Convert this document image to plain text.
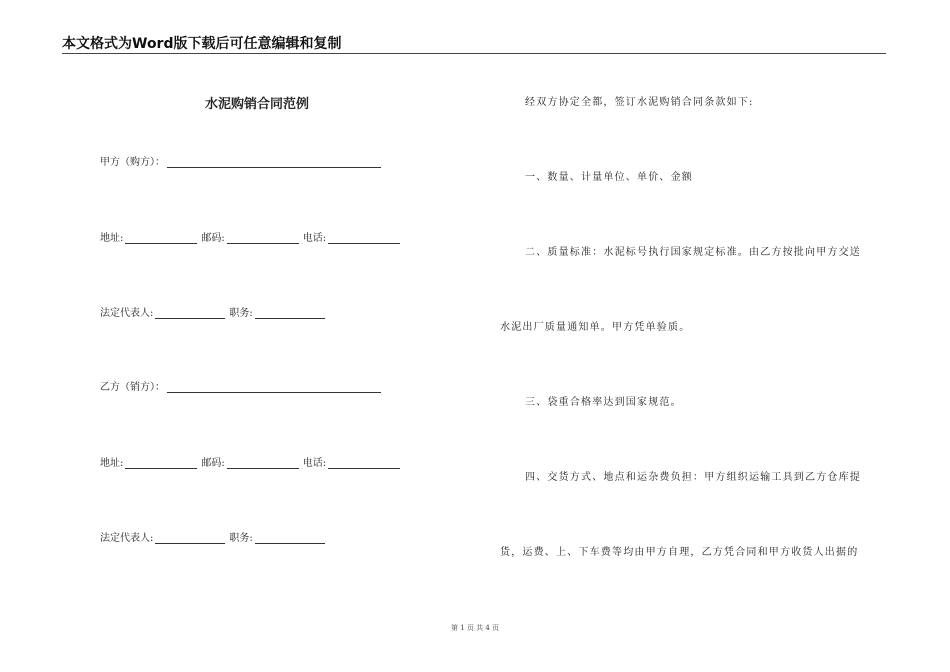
本文格式为Word版下载后可任意编辑和复制
水泥购销合同范例
甲方（购方）：
地址:	邮码:	电话:
法定代表人:	职务:
乙方（销方）：
地址:	邮码:	电话:
法定代表人:	职务:
经双方协定全都，签订水泥购销合同条款如下:
一、数量、计量单位、单价、金额
二、质量标准：水泥标号执行国家规定标准。由乙方按批向甲方交送
水泥出厂质量通知单。甲方凭单验质。
三、袋重合格率达到国家规范。
四、交货方式、地点和运杂费负担：甲方组织运输工具到乙方仓库提
货，运费、上、下车费等均由甲方自理，乙方凭合同和甲方收货人出据的
第 1 页 共 4 页
